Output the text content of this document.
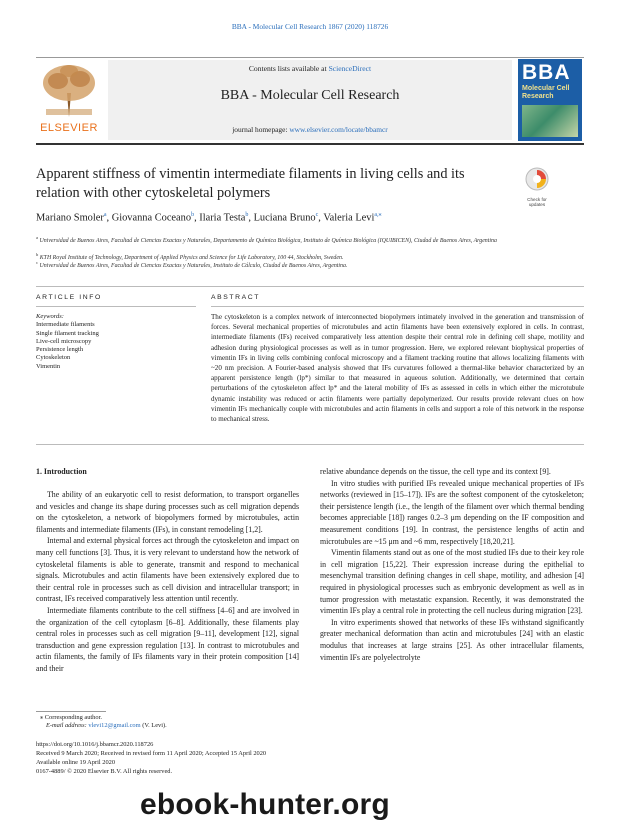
BBA - Molecular Cell Research 1867 (2020) 118726
ELSEVIER
Contents lists available at ScienceDirect
BBA - Molecular Cell Research
journal homepage: www.elsevier.com/locate/bbamcr
BBA
Molecular Cell Research
Apparent stiffness of vimentin intermediate filaments in living cells and its relation with other cytoskeletal polymers	Check for
updates
Mariano Smoler$^a$, Giovanna Coceano$^b$, Ilaria Testa$^b$, Luciana Bruno$^c$, Valeria Levi$^{a,⁎}$
$^a$ Universidad de Buenos Aires, Facultad de Ciencias Exactas y Naturales, Departamento de Química Biológica, Instituto de Química Biológica (IQUIBICEN), Ciudad de Buenos Aires, Argentina
$^b$ KTH Royal Institute of Technology, Department of Applied Physics and Science for Life Laboratory, 100 44, Stockholm, Sweden.
$^c$ Universidad de Buenos Aires, Facultad de Ciencias Exactas y Naturales, Instituto de Cálculo, Ciudad de Buenos Aires, Argentina.
ARTICLE INFO	ABSTRACT
Keywords:
Intermediate filaments
Single filament tracking
Live-cell microscopy
Persistence length
Cytoskeleton
Vimentin
The cytoskeleton is a complex network of interconnected biopolymers intimately involved in the generation and transmission of forces. Several mechanical properties of microtubules and actin filaments have been extensively explored in cells. In contrast, intermediate filaments (IFs) received comparatively less attention despite their central role in defining cell shape, motility and adhesion during physiological processes as well as in tumor progression. Here, we explored relevant biophysical properties of vimentin IFs in living cells combining confocal microscopy and a filament tracking routine that allows localizing filaments with ~20 nm precision. A Fourier-based analysis showed that IFs curvatures followed a thermal-like behavior characterized by an apparent persistence length (lp*) similar to that measured in aqueous solution. Additionally, we determined that certain perturbations of the cytoskeleton affect lp* and the lateral mobility of IFs as assessed in cells in which either the microtubule dynamic instability was reduced or actin filaments were partially depolymerized. Our results provide relevant clues on how vimentin IFs mechanically couple with microtubules and actin filaments in cells and support a role of this network in the response to mechanical stress.
1. Introduction

The ability of an eukaryotic cell to resist deformation, to transport organelles and vesicles and change its shape during processes such as cell migration depends on the cytoskeleton, a network of biopolymers formed by microtubules, actin filaments and intermediate filaments (IFs), in constant remodeling [1,2].

Internal and external physical forces act through the cytoskeleton and impact on many cell functions [3]. Thus, it is very relevant to understand how the network of cytoskeletal filaments is able to generate, transmit and respond to mechanical signals. Microtubules and actin filaments have been extensively explored due to their central role in processes such as cell division and intracellular transport; in contrast, IFs received comparatively less attention until recently.

Intermediate filaments contribute to the cell stiffness [4–6] and are involved in the organization of the cell cytoplasm [6–8]. Additionally, these filaments play central roles in processes such as cell migration [9–11], development [12], signal transduction and gene expression regulation [13]. In contrast to microtubules and actin filaments, the family of IFs filaments vary in their protein composition [14] and their

relative abundance depends on the tissue, the cell type and its context [9].

In vitro studies with purified IFs revealed unique mechanical properties of IFs networks (reviewed in [15–17]). IFs are the softest component of the cytoskeleton; their persistence length (i.e., the length of the filament over which thermal bending becomes appreciable [18]) ranges 0.2–3 μm depending on the IF composition and measurement conditions [19]. In contrast, the persistence lengths of actin and microtubules are ~15 μm and ~6 mm, respectively [18,20,21].

Vimentin filaments stand out as one of the most studied IFs due to their key role in cell migration [15,22]. Their expression increase during the epithelial to mesenchymal transition defining changes in cell shape, motility, and adhesion [4] required in physiological processes such as embryonic development as well as in tumor progression with metastatic expansion. Recently, it was demonstrated the vimentin IFs play a central role in protecting the cell nucleus during migration [23].

In vitro experiments showed that networks of these IFs withstand significantly greater mechanical deformation than actin and microtubules [24] with an elastic modulus that increases at large strains [25]. As other intracellular filaments, vimentin IFs are polyelectrolyte

⁎ Corresponding author.
E-mail address: vlevi12@gmail.com (V. Levi).
https://doi.org/10.1016/j.bbamcr.2020.118726
Received 9 March 2020; Received in revised form 11 April 2020; Accepted 15 April 2020
Available online 19 April 2020
0167-4889/ © 2020 Elsevier B.V. All rights reserved.
ebook-hunter.org
